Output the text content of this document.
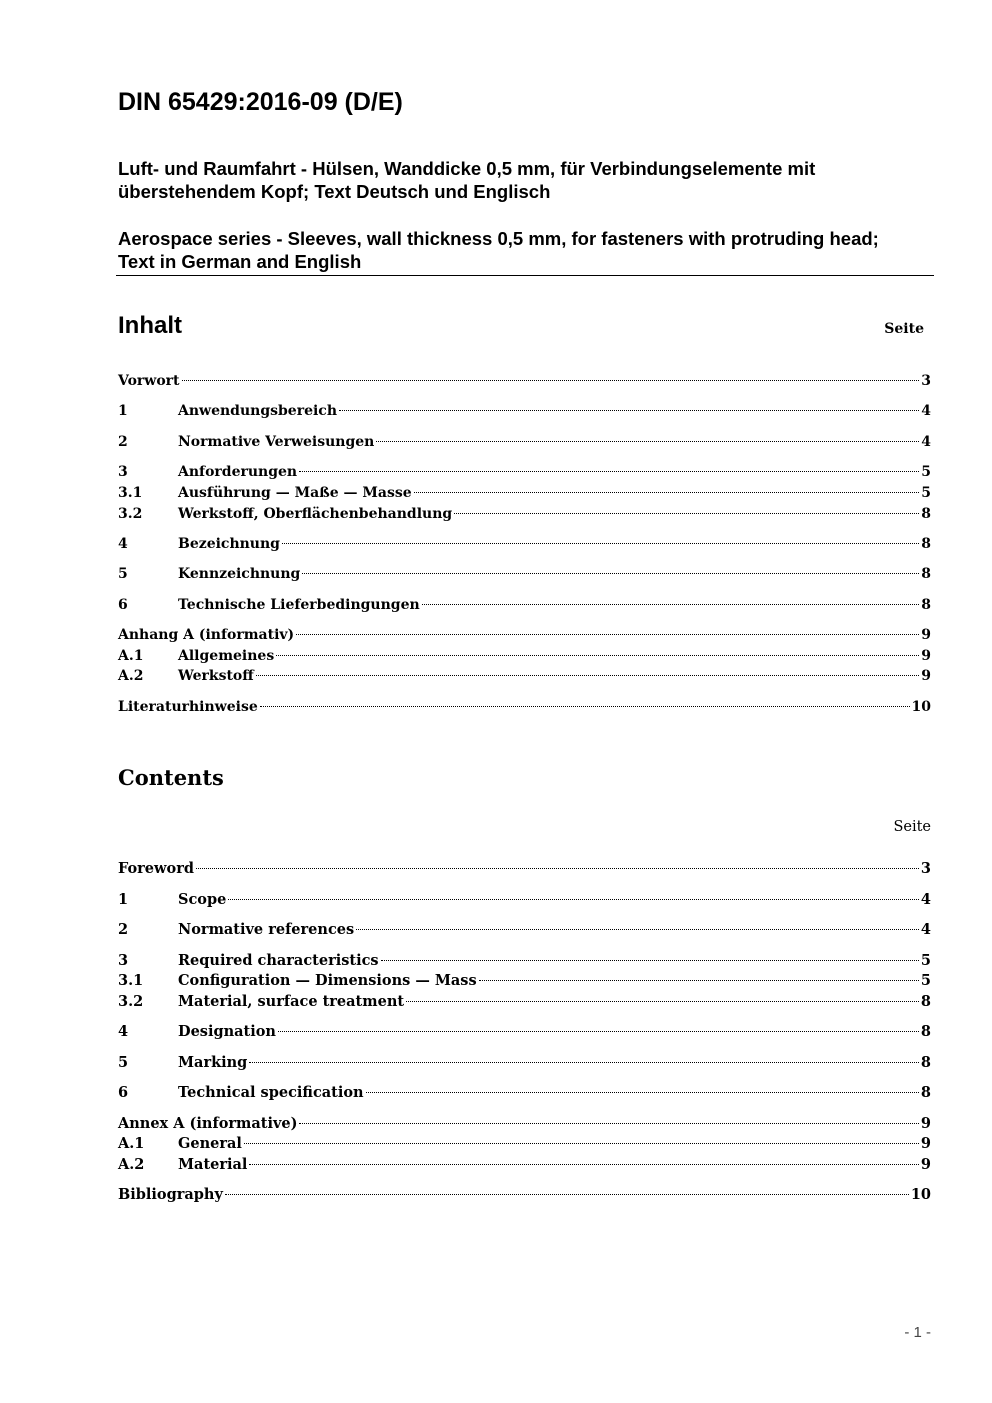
DIN 65429:2016-09 (D/E)

Luft- und Raumfahrt - Hülsen, Wanddicke 0,5 mm, für Verbindungselemente mit überstehendem Kopf; Text Deutsch und Englisch

Aerospace series - Sleeves, wall thickness 0,5 mm, for fasteners with protruding head; Text in German and English

Inhalt	Seite
Vorwort	3
1	Anwendungsbereich	4
2	Normative Verweisungen	4
3	Anforderungen	5
3.1	Ausführung — Maße — Masse	5
3.2	Werkstoff, Oberflächenbehandlung	8
4	Bezeichnung	8
5	Kennzeichnung	8
6	Technische Lieferbedingungen	8
Anhang A (informativ)	9
A.1	Allgemeines	9
A.2	Werkstoff	9
Literaturhinweise	10
Contents
Seite
Foreword	3
1	Scope	4
2	Normative references	4
3	Required characteristics	5
3.1	Configuration — Dimensions — Mass	5
3.2	Material, surface treatment	8
4	Designation	8
5	Marking	8
6	Technical specification	8
Annex A (informative)	9
A.1	General	9
A.2	Material	9
Bibliography	10
- 1 -
